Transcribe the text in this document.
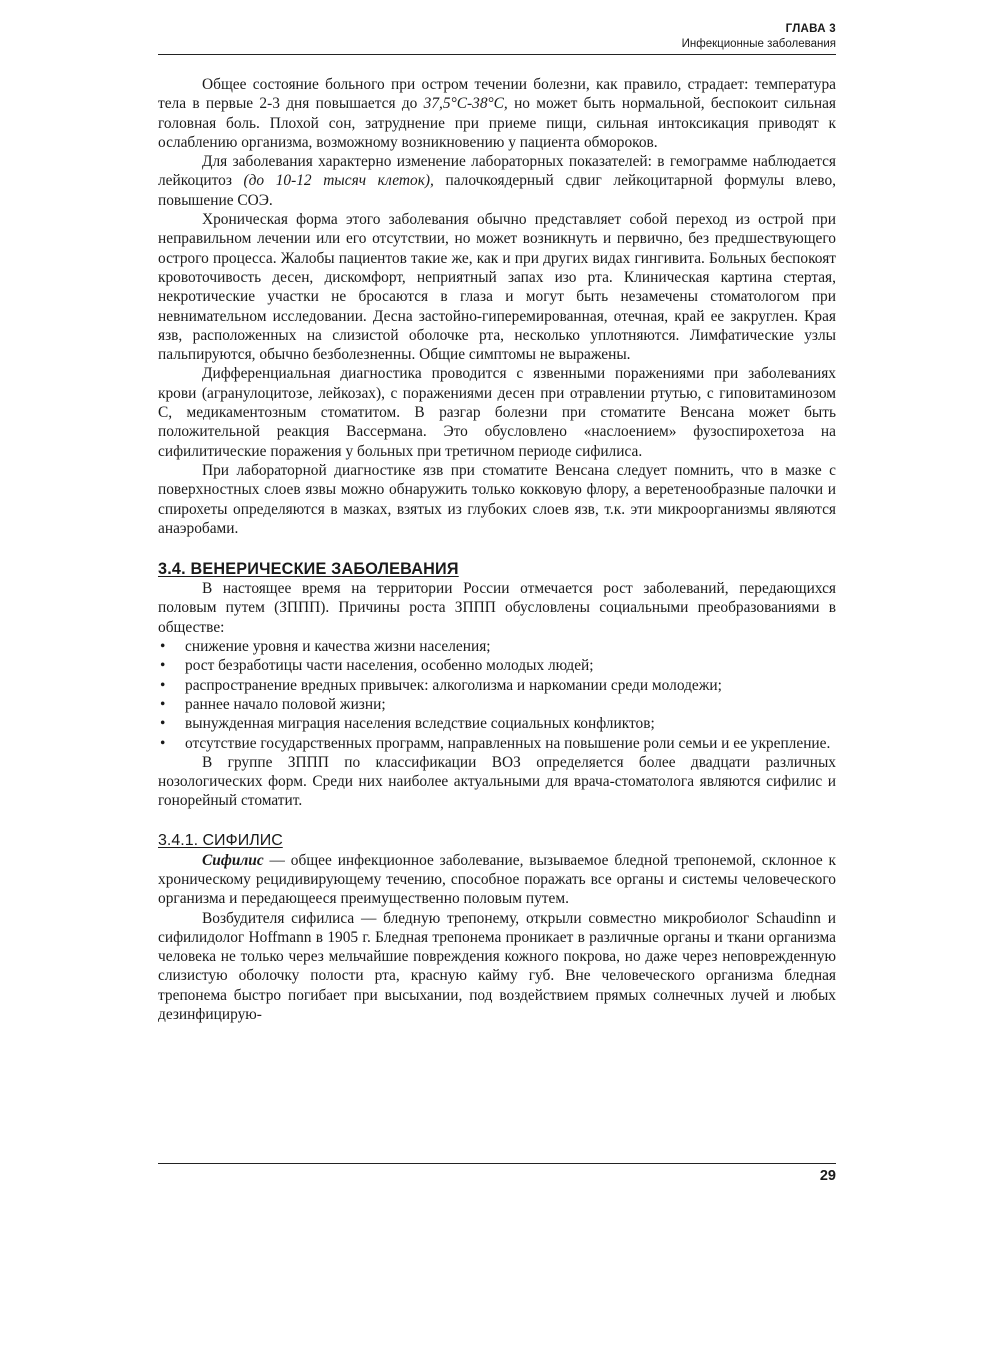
ГЛАВА 3
Инфекционные заболевания

Общее состояние больного при остром течении болезни, как правило, страдает: температура тела в первые 2-3 дня повышается до 37,5°С-38°С, но может быть нормальной, беспокоит сильная головная боль. Плохой сон, затруднение при приеме пищи, сильная интоксикация приводят к ослаблению организма, возможному возникновению у пациента обмороков.

Для заболевания характерно изменение лабораторных показателей: в гемограмме наблюдается лейкоцитоз (до 10-12 тысяч клеток), палочкоядерный сдвиг лейкоцитарной формулы влево, повышение СОЭ.

Хроническая форма этого заболевания обычно представляет собой переход из острой при неправильном лечении или его отсутствии, но может возникнуть и первично, без предшествующего острого процесса. Жалобы пациентов такие же, как и при других видах гингивита. Больных беспокоят кровоточивость десен, дискомфорт, неприятный запах изо рта. Клиническая картина стертая, некротические участки не бросаются в глаза и могут быть незамечены стоматологом при невнимательном исследовании. Десна застойно-гиперемированная, отечная, край ее закруглен. Края язв, расположенных на слизистой оболочке рта, несколько уплотняются. Лимфатические узлы пальпируются, обычно безболезненны. Общие симптомы не выражены.

Дифференциальная диагностика проводится с язвенными поражениями при заболеваниях крови (агранулоцитозе, лейкозах), с поражениями десен при отравлении ртутью, с гиповитаминозом С, медикаментозным стоматитом. В разгар болезни при стоматите Венсана может быть положительной реакция Вассермана. Это обусловлено «наслоением» фузоспирохетоза на сифилитические поражения у больных при третичном периоде сифилиса.

При лабораторной диагностике язв при стоматите Венсана следует помнить, что в мазке с поверхностных слоев язвы можно обнаружить только кокковую флору, а веретенообразные палочки и спирохеты определяются в мазках, взятых из глубоких слоев язв, т.к. эти микроорганизмы являются анаэробами.

3.4. ВЕНЕРИЧЕСКИЕ ЗАБОЛЕВАНИЯ

В настоящее время на территории России отмечается рост заболеваний, передающихся половым путем (ЗППП). Причины роста ЗППП обусловлены социальными преобразованиями в обществе:

• снижение уровня и качества жизни населения;
• рост безработицы части населения, особенно молодых людей;
• распространение вредных привычек: алкоголизма и наркомании среди молодежи;
• раннее начало половой жизни;
• вынужденная миграция населения вследствие социальных конфликтов;
• отсутствие государственных программ, направленных на повышение роли семьи и ее укрепление.

В группе ЗППП по классификации ВОЗ определяется более двадцати различных нозологических форм. Среди них наиболее актуальными для врача-стоматолога являются сифилис и гонорейный стоматит.

3.4.1. СИФИЛИС

Сифилис — общее инфекционное заболевание, вызываемое бледной трепонемой, склонное к хроническому рецидивирующему течению, способное поражать все органы и системы человеческого организма и передающееся преимущественно половым путем.

Возбудителя сифилиса — бледную трепонему, открыли совместно микробиолог Schaudinn и сифилидолог Hoffmann в 1905 г. Бледная трепонема проникает в различные органы и ткани организма человека не только через мельчайшие повреждения кожного покрова, но даже через неповрежденную слизистую оболочку полости рта, красную кайму губ. Вне человеческого организма бледная трепонема быстро погибает при высыхании, под воздействием прямых солнечных лучей и любых дезинфицирую-

29
